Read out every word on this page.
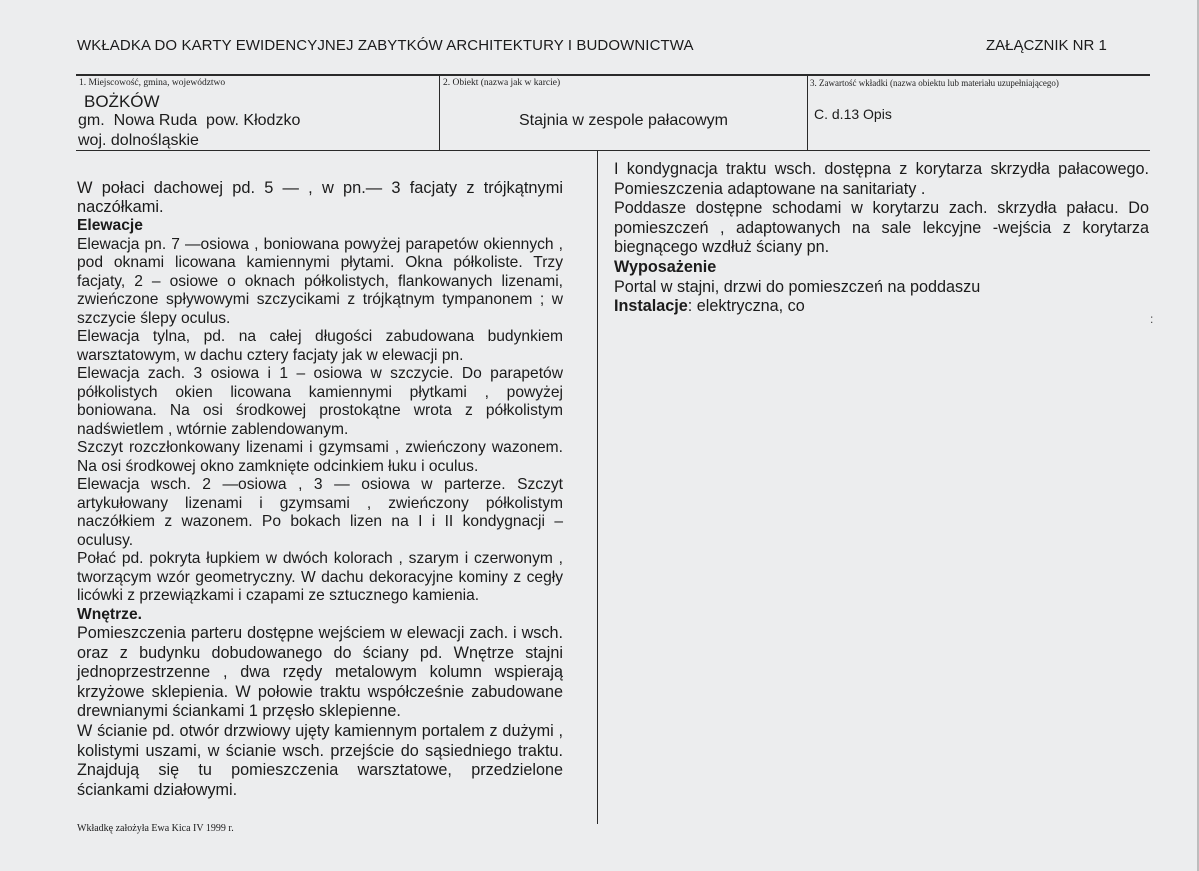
WKŁADKA DO KARTY EWIDENCYJNEJ ZABYTKÓW ARCHITEKTURY I BUDOWNICTWA	ZAŁĄCZNIK NR 1
1. Miejscowość, gmina, województwo
BOŻKÓW
gm.  Nowa Ruda  pow. Kłodzko
woj. dolnośląskie
2. Obiekt (nazwa jak w karcie)
Stajnia w zespole pałacowym
3. Zawartość wkładki (nazwa obiektu lub materiału uzupełniającego)
C. d.13 Opis

W połaci dachowej pd. 5 — , w pn.— 3 facjaty z trójkątnymi naczółkami.

Elewacje

Elewacja pn. 7 —osiowa , boniowana powyżej parapetów okiennych , pod oknami licowana kamiennymi płytami. Okna półkoliste. Trzy facjaty, 2 – osiowe o oknach półkolistych, flankowanych lizenami, zwieńczone spływowymi szczycikami z trójkątnym tympanonem ; w szczycie ślepy oculus.

Elewacja tylna, pd. na całej długości zabudowana budynkiem warsztatowym, w dachu cztery facjaty jak w elewacji pn.

Elewacja zach. 3 osiowa i 1 – osiowa w szczycie. Do parapetów półkolistych okien licowana kamiennymi płytkami , powyżej boniowana. Na osi środkowej prostokątne wrota z półkolistym nadświetlem , wtórnie zablendowanym.

Szczyt rozczłonkowany lizenami i gzymsami , zwieńczony wazonem. Na osi środkowej okno zamknięte odcinkiem łuku i oculus.

Elewacja wsch. 2 —osiowa , 3 — osiowa w parterze. Szczyt artykułowany lizenami i gzymsami , zwieńczony półkolistym naczółkiem z wazonem. Po bokach lizen na I i II kondygnacji – oculusy.

Połać pd. pokryta łupkiem w dwóch kolorach , szarym i czerwonym , tworzącym wzór geometryczny. W dachu dekoracyjne kominy z cegły licówki z przewiązkami i czapami ze sztucznego kamienia.

Wnętrze.

Pomieszczenia parteru dostępne wejściem w elewacji zach. i wsch. oraz z budynku dobudowanego do ściany pd. Wnętrze stajni jednoprzestrzenne , dwa rzędy metalowym kolumn wspierają krzyżowe sklepienia. W połowie traktu współcześnie zabudowane drewnianymi ściankami 1 przęsło sklepienne.

W ścianie pd. otwór drzwiowy ujęty kamiennym portalem z dużymi , kolistymi uszami, w ścianie wsch. przejście do sąsiedniego traktu. Znajdują się tu pomieszczenia warsztatowe, przedzielone ściankami działowymi.

I kondygnacja traktu wsch. dostępna z korytarza skrzydła pałacowego. Pomieszczenia adaptowane na sanitariaty .

Poddasze dostępne schodami w korytarzu zach. skrzydła pałacu. Do pomieszczeń , adaptowanych na sale lekcyjne -wejścia z korytarza biegnącego wzdłuż ściany pn.

Wyposażenie

Portal w stajni, drzwi do pomieszczeń na poddaszu

Instalacje: elektryczna, co

:
Wkładkę założyła Ewa Kica IV 1999 r.
